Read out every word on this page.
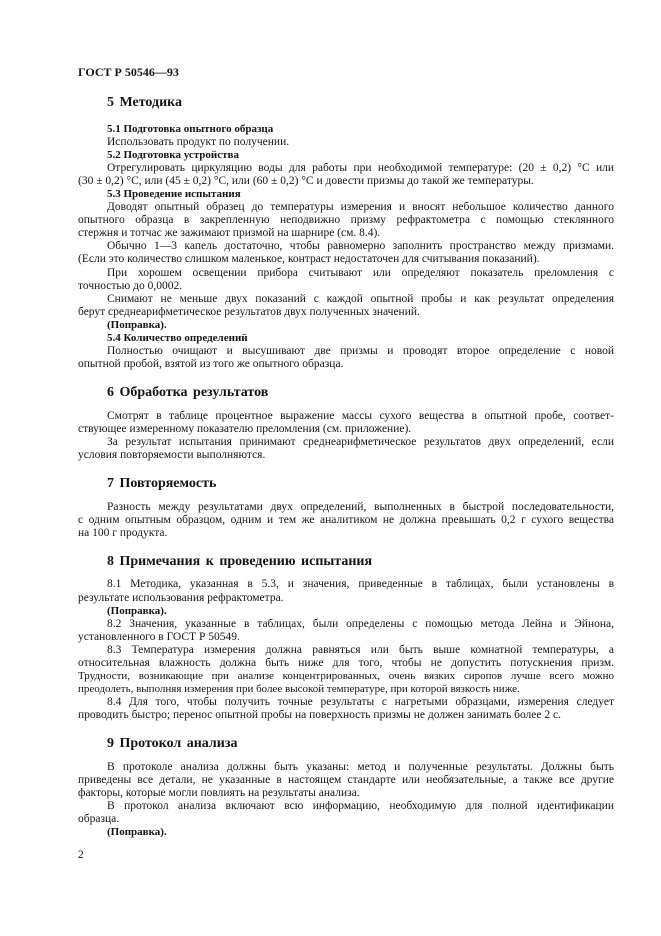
ГОСТ Р 50546—93
5 Методика
5.1 Подготовка опытного образца
Использовать продукт по получении.
5.2 Подготовка устройства
Отрегулировать циркуляцию воды для работы при необходимой температуре: (20 ± 0,2) °C или
(30 ± 0,2) °C, или (45 ± 0,2) °C, или (60 ± 0,2) °C и довести призмы до такой же температуры.
5.3 Проведение испытания
Доводят опытный образец до температуры измерения и вносят небольшое количество данного
опытного образца в закрепленную неподвижно призму рефрактометра с помощью стеклянного
стержня и тотчас же зажимают призмой на шарнире (см. 8.4).
Обычно 1—3 капель достаточно, чтобы равномерно заполнить пространство между призмами.
(Если это количество слишком маленькое, контраст недостаточен для считывания показаний).
При хорошем освещении прибора считывают или определяют показатель преломления с
точностью до 0,0002.
Снимают не меньше двух показаний с каждой опытной пробы и как результат определения
берут среднеарифметическое результатов двух полученных значений.
(Поправка).
5.4 Количество определений
Полностью очищают и высушивают две призмы и проводят второе определение с новой
опытной пробой, взятой из того же опытного образца.
6 Обработка результатов
Смотрят в таблице процентное выражение массы сухого вещества в опытной пробе, соответ-
ствующее измеренному показателю преломления (см. приложение).
За результат испытания принимают среднеарифметическое результатов двух определений, если
условия повторяемости выполняются.
7 Повторяемость
Разность между результатами двух определений, выполненных в быстрой последовательности,
с одним опытным образцом, одним и тем же аналитиком не должна превышать 0,2 г сухого вещества
на 100 г продукта.
8 Примечания к проведению испытания
8.1 Методика, указанная в 5.3, и значения, приведенные в таблицах, были установлены в
результате использования рефрактометра.
(Поправка).
8.2 Значения, указанные в таблицах, были определены с помощью метода Лейна и Эйнона,
установленного в ГОСТ Р 50549.
8.3 Температура измерения должна равняться или быть выше комнатной температуры, а
относительная влажность должна быть ниже для того, чтобы не допустить потускнения призм.
Трудности, возникающие при анализе концентрированных, очень вязких сиропов лучше всего можно
преодолеть, выполняя измерения при более высокой температуре, при которой вязкость ниже.
8.4 Для того, чтобы получить точные результаты с нагретыми образцами, измерения следует
проводить быстро; перенос опытной пробы на поверхность призмы не должен занимать более 2 с.
9 Протокол анализа
В протоколе анализа должны быть указаны: метод и полученные результаты. Должны быть
приведены все детали, не указанные в настоящем стандарте или необязательные, а также все другие
факторы, которые могли повлиять на результаты анализа.
В протокол анализа включают всю информацию, необходимую для полной идентификации
образца.
(Поправка).
2
